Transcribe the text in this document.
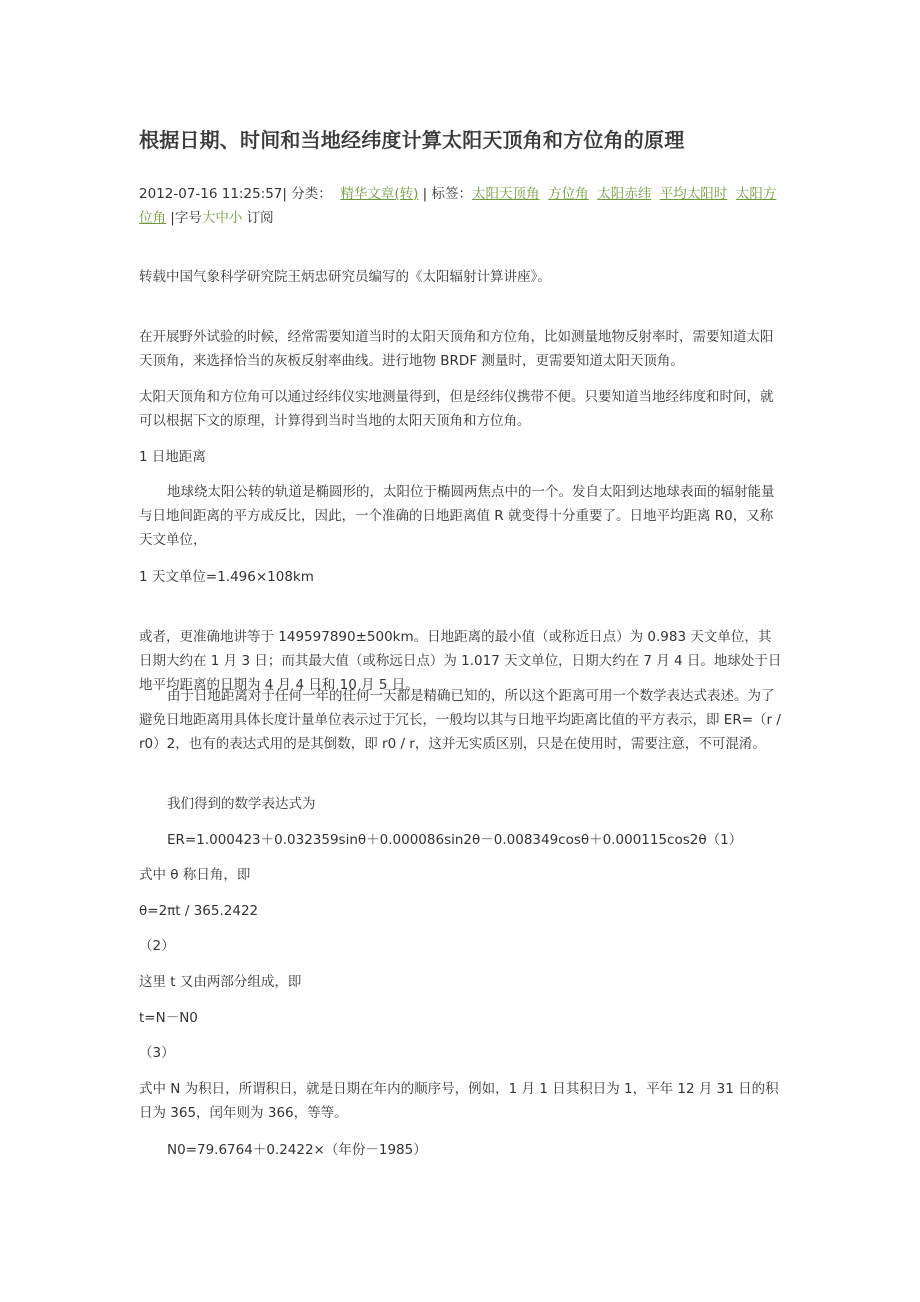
根据日期、时间和当地经纬度计算太阳天顶角和方位角的原理
2012-07-16 11:25:57| 分类： 精华文章(转) | 标签：太阳天顶角 方位角 太阳赤纬 平均太阳时 太阳方位角 |字号大中小 订阅

转载中国气象科学研究院王炳忠研究员编写的《太阳辐射计算讲座》。

在开展野外试验的时候，经常需要知道当时的太阳天顶角和方位角，比如测量地物反射率时，需要知道太阳天顶角，来选择恰当的灰板反射率曲线。进行地物 BRDF 测量时，更需要知道太阳天顶角。

太阳天顶角和方位角可以通过经纬仪实地测量得到，但是经纬仪携带不便。只要知道当地经纬度和时间，就可以根据下文的原理，计算得到当时当地的太阳天顶角和方位角。

1 日地距离

地球绕太阳公转的轨道是椭圆形的，太阳位于椭圆两焦点中的一个。发自太阳到达地球表面的辐射能量与日地间距离的平方成反比，因此，一个准确的日地距离值 R 就变得十分重要了。日地平均距离 R0，又称天文单位，

1 天文单位=1.496×108km

或者，更准确地讲等于 149597890±500km。日地距离的最小值（或称近日点）为 0.983 天文单位，其日期大约在 1 月 3 日；而其最大值（或称远日点）为 1.017 天文单位，日期大约在 7 月 4 日。地球处于日地平均距离的日期为 4 月 4 日和 10 月 5 日。

由于日地距离对于任何一年的任何一天都是精确已知的，所以这个距离可用一个数学表达式表述。为了避免日地距离用具体长度计量单位表示过于冗长，一般均以其与日地平均距离比值的平方表示，即 ER=（r / r0）2，也有的表达式用的是其倒数，即 r0 / r，这并无实质区别，只是在使用时，需要注意，不可混淆。

我们得到的数学表达式为

ER=1.000423＋0.032359sinθ＋0.000086sin2θ－0.008349cosθ＋0.000115cos2θ（1）

式中 θ 称日角，即

θ=2πt / 365.2422

（2）

这里 t 又由两部分组成，即

t=N－N0

（3）

式中 N 为积日，所谓积日，就是日期在年内的顺序号，例如，1 月 1 日其积日为 1，平年 12 月 31 日的积日为 365，闰年则为 366，等等。

N0=79.6764＋0.2422×（年份－1985）
